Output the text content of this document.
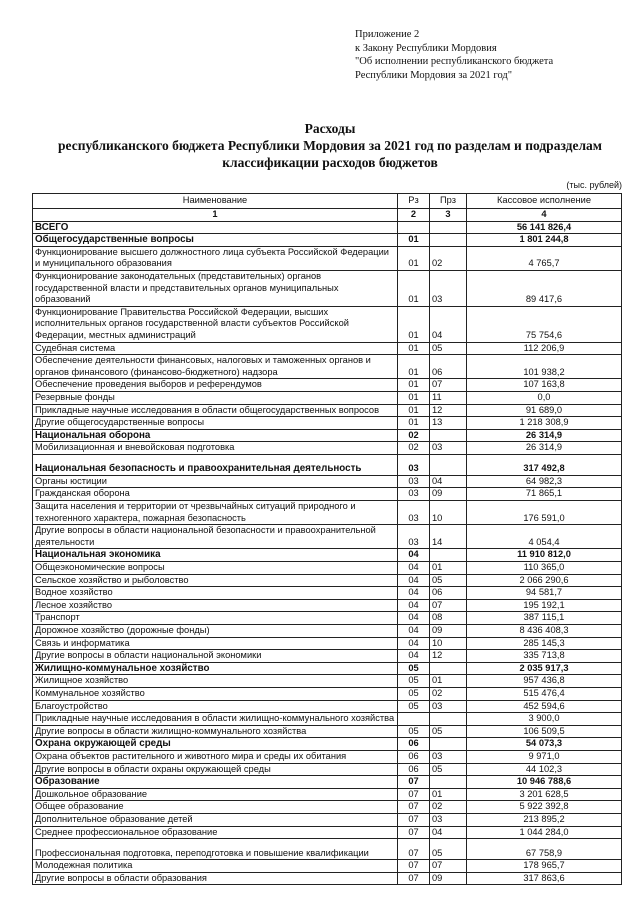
Приложение 2
к Закону Республики Мордовия
"Об исполнении республиканского бюджета
Республики Мордовия за 2021 год"
Расходы
республиканского бюджета Республики Мордовия за 2021 год по разделам и подразделам
классификации расходов бюджетов
(тыс. рублей)
Наименование	Рз	Прз	Кассовое исполнение
1	2	3	4
ВСЕГО			56 141 826,4
Общегосударственные вопросы	01		1 801 244,8
Функционирование высшего должностного лица субъекта Российской Федерации и муниципального образования	01	02	4 765,7
Функционирование законодательных (представительных) органов государственной власти и представительных органов муниципальных образований	01	03	89 417,6
Функционирование Правительства Российской Федерации, высших исполнительных органов государственной власти субъектов Российской Федерации, местных администраций	01	04	75 754,6
Судебная система	01	05	112 206,9
Обеспечение деятельности финансовых, налоговых и таможенных органов и органов финансового (финансово-бюджетного) надзора	01	06	101 938,2
Обеспечение проведения выборов и референдумов	01	07	107 163,8
Резервные фонды	01	11	0,0
Прикладные научные исследования в области общегосударственных вопросов	01	12	91 689,0
Другие общегосударственные вопросы	01	13	1 218 308,9
Национальная оборона	02		26 314,9
Мобилизационная и вневойсковая подготовка	02	03	26 314,9
Национальная безопасность и правоохранительная деятельность	03		317 492,8
Органы юстиции	03	04	64 982,3
Гражданская оборона	03	09	71 865,1
Защита населения и территории от чрезвычайных ситуаций природного и техногенного характера, пожарная безопасность	03	10	176 591,0
Другие вопросы в области национальной безопасности и правоохранительной деятельности	03	14	4 054,4
Национальная экономика	04		11 910 812,0
Общеэкономические вопросы	04	01	110 365,0
Сельское хозяйство и рыболовство	04	05	2 066 290,6
Водное хозяйство	04	06	94 581,7
Лесное хозяйство	04	07	195 192,1
Транспорт	04	08	387 115,1
Дорожное хозяйство (дорожные фонды)	04	09	8 436 408,3
Связь и информатика	04	10	285 145,3
Другие вопросы в области национальной экономики	04	12	335 713,8
Жилищно-коммунальное хозяйство	05		2 035 917,3
Жилищное хозяйство	05	01	957 436,8
Коммунальное хозяйство	05	02	515 476,4
Благоустройство	05	03	452 594,6
Прикладные научные исследования в области жилищно-коммунального хозяйства			3 900,0
Другие вопросы в области жилищно-коммунального хозяйства	05	05	106 509,5
Охрана окружающей среды	06		54 073,3
Охрана объектов растительного и животного мира и среды их обитания	06	03	9 971,0
Другие вопросы в области охраны окружающей среды	06	05	44 102,3
Образование	07		10 946 788,6
Дошкольное образование	07	01	3 201 628,5
Общее образование	07	02	5 922 392,8
Дополнительное образование детей	07	03	213 895,2
Среднее профессиональное образование	07	04	1 044 284,0
Профессиональная подготовка, переподготовка и повышение квалификации	07	05	67 758,9
Молодежная политика	07	07	178 965,7
Другие вопросы в области образования	07	09	317 863,6
